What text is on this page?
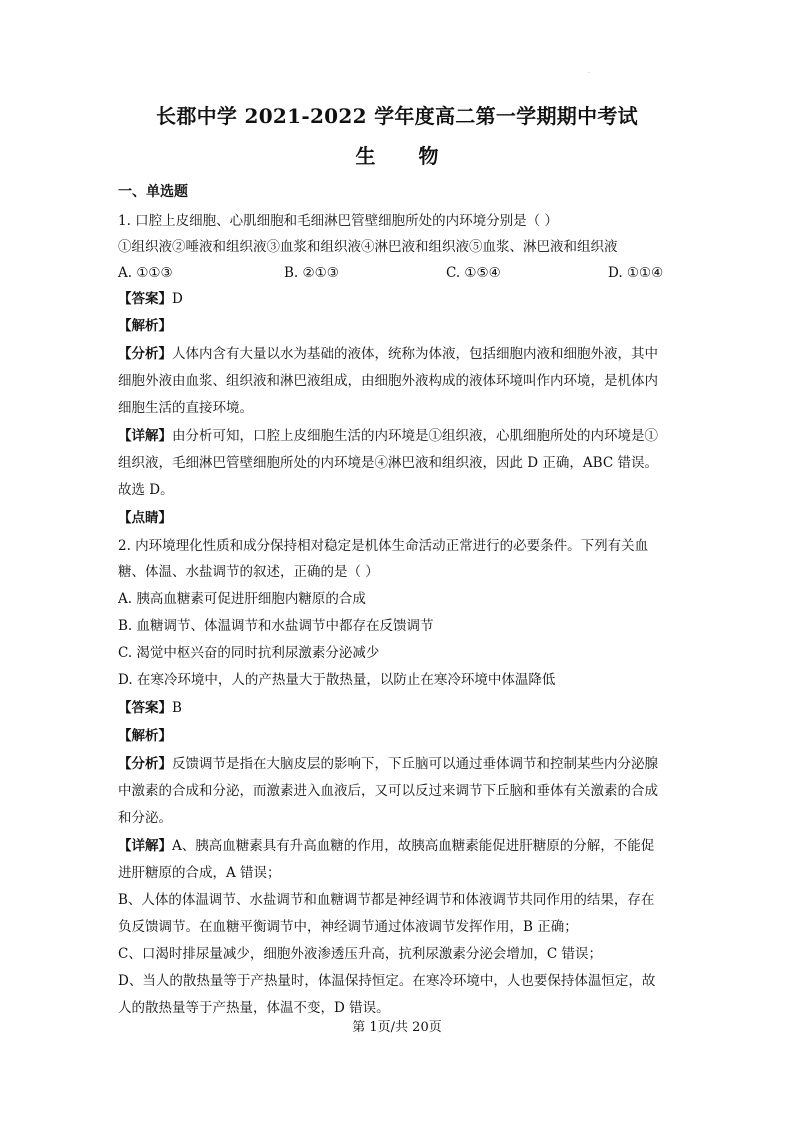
·
长郡中学 2021-2022 学年度高二第一学期期中考试
生 物
一、单选题
1. 口腔上皮细胞、心肌细胞和毛细淋巴管壁细胞所处的内环境分别是（ ）
①组织液②唾液和组织液③血浆和组织液④淋巴液和组织液⑤血浆、淋巴液和组织液
A. ①①③	B. ②①③	C. ①⑤④	D. ①①④
【答案】D
【解析】
【分析】人体内含有大量以水为基础的液体，统称为体液，包括细胞内液和细胞外液，其中
细胞外液由血浆、组织液和淋巴液组成，由细胞外液构成的液体环境叫作内环境，是机体内
细胞生活的直接环境。
【详解】由分析可知，口腔上皮细胞生活的内环境是①组织液，心肌细胞所处的内环境是①
组织液，毛细淋巴管壁细胞所处的内环境是④淋巴液和组织液，因此 D 正确，ABC 错误。
故选 D。
【点睛】
2. 内环境理化性质和成分保持相对稳定是机体生命活动正常进行的必要条件。下列有关血
糖、体温、水盐调节的叙述，正确的是（ ）
A. 胰高血糖素可促进肝细胞内糖原的合成
B. 血糖调节、体温调节和水盐调节中都存在反馈调节
C. 渴觉中枢兴奋的同时抗利尿激素分泌减少
D. 在寒冷环境中，人的产热量大于散热量，以防止在寒冷环境中体温降低
【答案】B
【解析】
【分析】反馈调节是指在大脑皮层的影响下，下丘脑可以通过垂体调节和控制某些内分泌腺
中激素的合成和分泌，而激素进入血液后，又可以反过来调节下丘脑和垂体有关激素的合成
和分泌。
【详解】A、胰高血糖素具有升高血糖的作用，故胰高血糖素能促进肝糖原的分解，不能促
进肝糖原的合成，A 错误；
B、人体的体温调节、水盐调节和血糖调节都是神经调节和体液调节共同作用的结果，存在
负反馈调节。在血糖平衡调节中，神经调节通过体液调节发挥作用，B 正确；
C、口渴时排尿量减少，细胞外液渗透压升高，抗利尿激素分泌会增加，C 错误；
D、当人的散热量等于产热量时，体温保持恒定。在寒冷环境中，人也要保持体温恒定，故
人的散热量等于产热量，体温不变，D 错误。
第 1页/共 20页
